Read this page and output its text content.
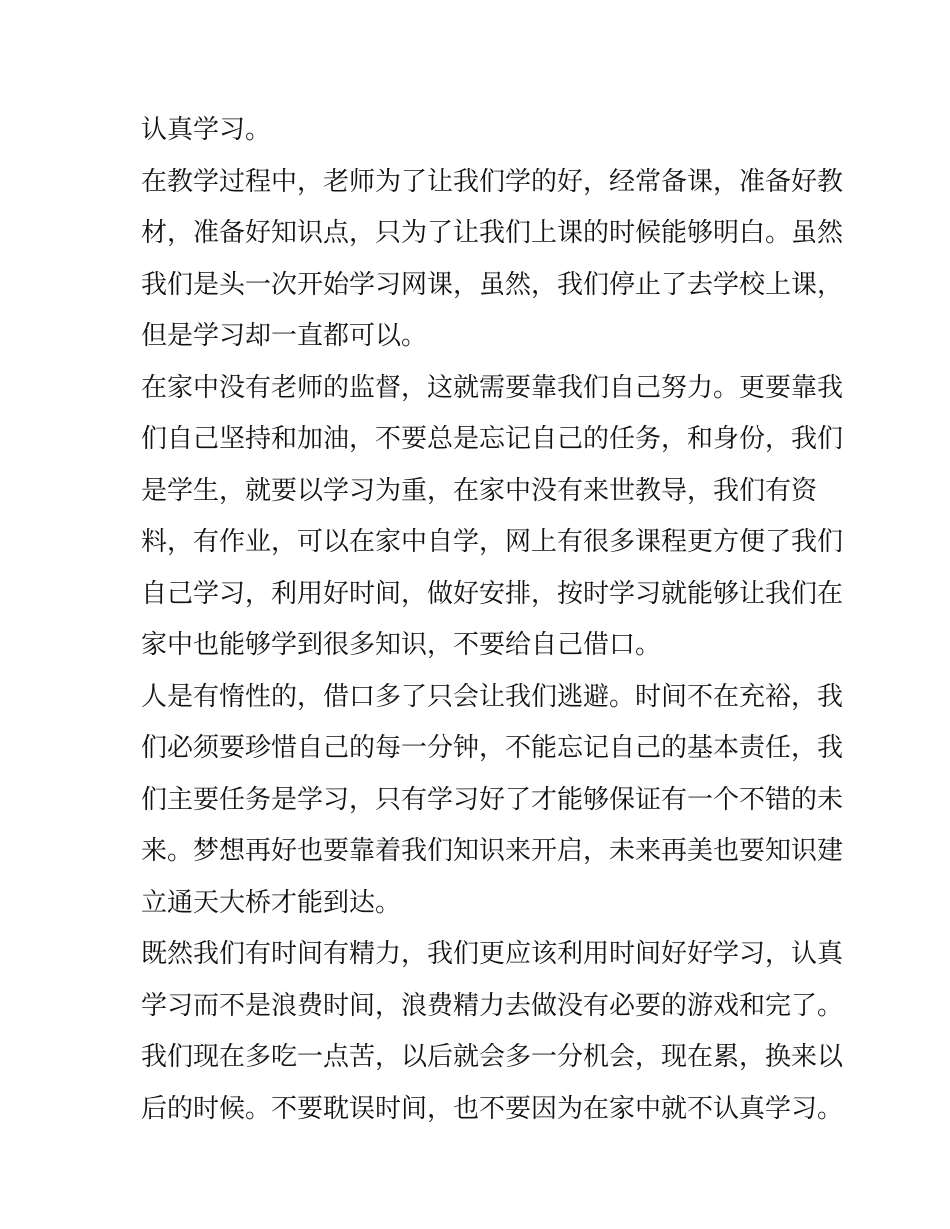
认真学习。
在教学过程中，老师为了让我们学的好，经常备课，准备好教
材，准备好知识点，只为了让我们上课的时候能够明白。虽然
我们是头一次开始学习网课，虽然，我们停止了去学校上课，
但是学习却一直都可以。
在家中没有老师的监督，这就需要靠我们自己努力。更要靠我
们自己坚持和加油，不要总是忘记自己的任务，和身份，我们
是学生，就要以学习为重，在家中没有来世教导，我们有资
料，有作业，可以在家中自学，网上有很多课程更方便了我们
自己学习，利用好时间，做好安排，按时学习就能够让我们在
家中也能够学到很多知识，不要给自己借口。
人是有惰性的，借口多了只会让我们逃避。时间不在充裕，我
们必须要珍惜自己的每一分钟，不能忘记自己的基本责任，我
们主要任务是学习，只有学习好了才能够保证有一个不错的未
来。梦想再好也要靠着我们知识来开启，未来再美也要知识建
立通天大桥才能到达。
既然我们有时间有精力，我们更应该利用时间好好学习，认真
学习而不是浪费时间，浪费精力去做没有必要的游戏和完了。
我们现在多吃一点苦，以后就会多一分机会，现在累，换来以
后的时候。不要耽误时间，也不要因为在家中就不认真学习。
